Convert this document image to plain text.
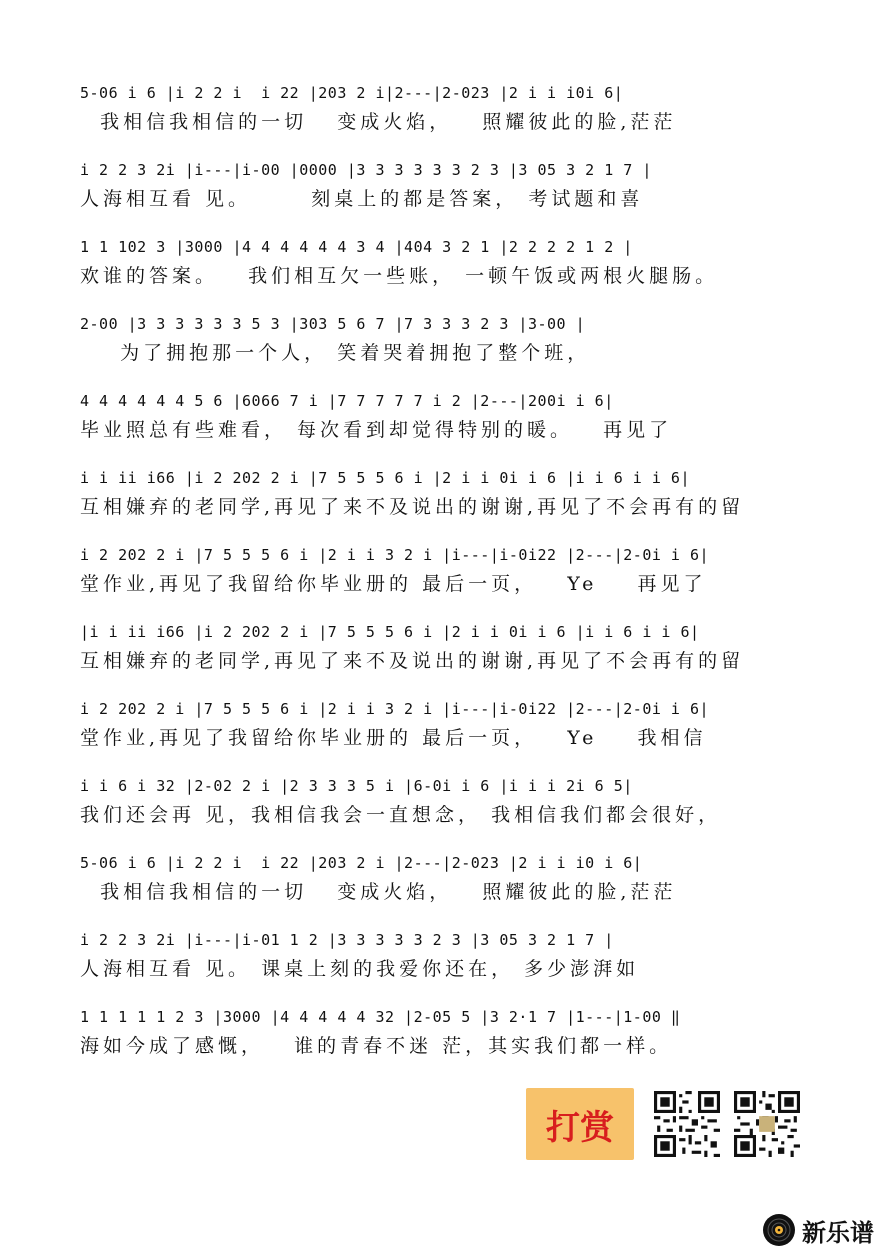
5-06 i 6 |i 2 2 i  i 22 |203 2 i|2---|2-023 |2 i i i0i 6|
我相信我相信的一切   变成火焰，   照耀彼此的脸,茫茫
i 2 2 3 2i |i---|i-00 |0000 |3 3 3 3 3 3 2 3 |3 05 3 2 1 7 |
人海相互看 见。      刻桌上的都是答案， 考试题和喜
1 1 102 3 |3000 |4 4 4 4 4 4 3 4 |404 3 2 1 |2 2 2 2 1 2 |
欢谁的答案。   我们相互欠一些账， 一顿午饭或两根火腿肠。
2-00 |3 3 3 3 3 3 5 3 |303 5 6 7 |7 3 3 3 2 3 |3-00 |
为了拥抱那一个人， 笑着哭着拥抱了整个班，
4 4 4 4 4 4 5 6 |6066 7 i |7 7 7 7 7 i 2 |2---|200i i 6|
毕业照总有些难看， 每次看到却觉得特别的暖。   再见了
i i ii i66 |i 2 202 2 i |7 5 5 5 6 i |2 i i 0i i 6 |i i 6 i i 6|
互相嫌弃的老同学,再见了来不及说出的谢谢,再见了不会再有的留
i 2 202 2 i |7 5 5 5 6 i |2 i i 3 2 i |i---|i-0i22 |2---|2-0i i 6|
堂作业,再见了我留给你毕业册的 最后一页，   Ye    再见了
|i i ii i66 |i 2 202 2 i |7 5 5 5 6 i |2 i i 0i i 6 |i i 6 i i 6|
互相嫌弃的老同学,再见了来不及说出的谢谢,再见了不会再有的留
i 2 202 2 i |7 5 5 5 6 i |2 i i 3 2 i |i---|i-0i22 |2---|2-0i i 6|
堂作业,再见了我留给你毕业册的 最后一页，   Ye    我相信
i i 6 i 32 |2-02 2 i |2 3 3 3 5 i |6-0i i 6 |i i i 2i 6 5|
我们还会再 见，我相信我会一直想念， 我相信我们都会很好，
5-06 i 6 |i 2 2 i  i 22 |203 2 i |2---|2-023 |2 i i i0 i 6|
我相信我相信的一切   变成火焰，   照耀彼此的脸,茫茫
i 2 2 3 2i |i---|i-01 1 2 |3 3 3 3 3 2 3 |3 05 3 2 1 7 |
人海相互看 见。 课桌上刻的我爱你还在， 多少澎湃如
1 1 1 1 1 2 3 |3000 |4 4 4 4 4 32 |2-05 5 |3 2·1 7 |1---|1-00 ‖
海如今成了感慨，   谁的青春不迷 茫，其实我们都一样。
打赏
新乐谱
